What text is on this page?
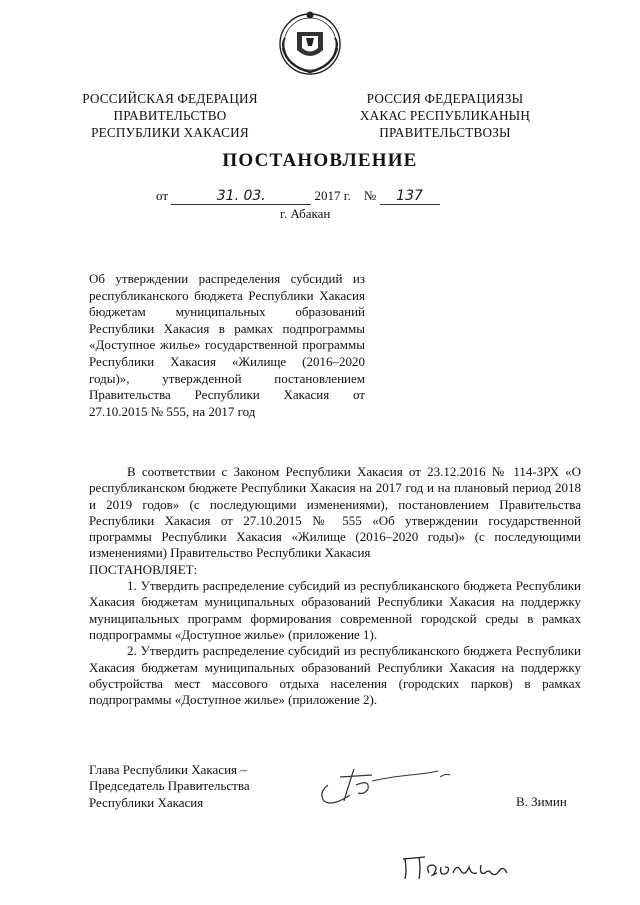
РОССИЙСКАЯ ФЕДЕРАЦИЯ
ПРАВИТЕЛЬСТВО
РЕСПУБЛИКИ ХАКАСИЯ
РОССИЯ ФЕДЕРАЦИЯЗЫ
ХАКАС РЕСПУБЛИКАНЫҢ
ПРАВИТЕЛЬСТВОЗЫ
ПОСТАНОВЛЕНИЕ
от	31. 03.	2017 г. № 137
г. Абакан
Об утверждении распределения субсидий из республиканского бюджета Республики Хакасия бюджетам муниципальных образований Республики Хакасия в рамках подпрограммы «Доступное жилье» государственной программы Республики Хакасия «Жилище (2016–2020 годы)», утвержденной постановлением Правительства Республики Хакасия от 27.10.2015 № 555, на 2017 год

В соответствии с Законом Республики Хакасия от 23.12.2016 № 114-ЗРХ «О республиканском бюджете Республики Хакасия на 2017 год и на плановый период 2018 и 2019 годов» (с последующими изменениями), постановлением Правительства Республики Хакасия от 27.10.2015 № 555 «Об утверждении государственной программы Республики Хакасия «Жилище (2016–2020 годы)» (с последующими изменениями) Правительство Республики Хакасия

ПОСТАНОВЛЯЕТ:

1. Утвердить распределение субсидий из республиканского бюджета Республики Хакасия бюджетам муниципальных образований Республики Хакасия на поддержку муниципальных программ формирования современной городской среды в рамках подпрограммы «Доступное жилье» (приложение 1).

2. Утвердить распределение субсидий из республиканского бюджета Республики Хакасия бюджетам муниципальных образований Республики Хакасия на поддержку обустройства мест массового отдыха населения (городских парков) в рамках подпрограммы «Доступное жилье» (приложение 2).

Глава Республики Хакасия –
Председатель Правительства
Республики Хакасия	В. Зимин
